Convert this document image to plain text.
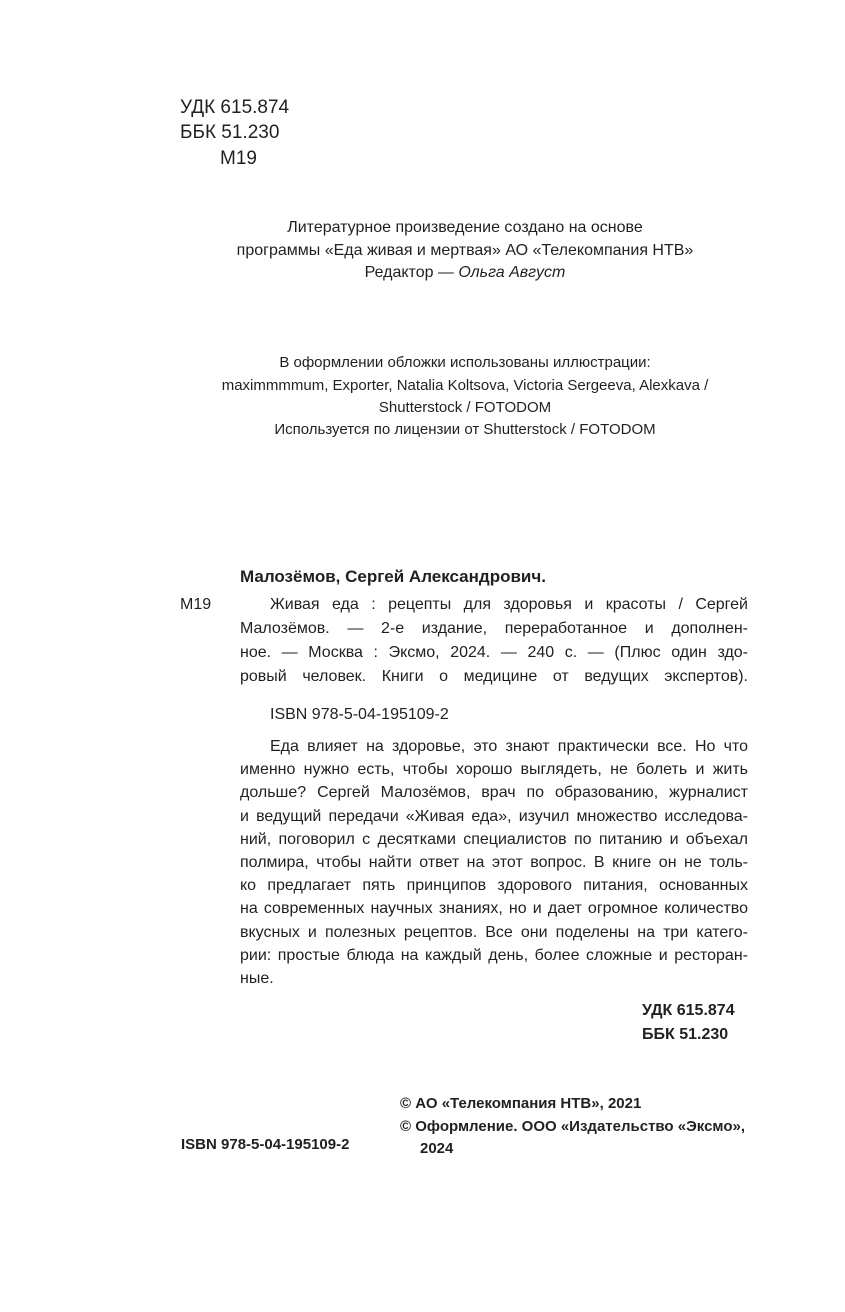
УДК 615.874
ББК 51.230
М19
Литературное произведение создано на основе
программы «Еда живая и мертвая» АО «Телекомпания НТВ»
Редактор — Ольга Август
В оформлении обложки использованы иллюстрации:
maximmmmum, Exporter, Natalia Koltsova, Victoria Sergeeva, Alexkava /
Shutterstock / FOTODOM
Используется по лицензии от Shutterstock / FOTODOM
Малозёмов, Сергей Александрович.
М19	Живая еда : рецепты для здоровья и красоты / Сергей
Малозёмов. — 2-е издание, переработанное и дополнен-
ное. — Москва : Эксмо, 2024. — 240 с. — (Плюс один здо-
ровый человек. Книги о медицине от ведущих экспертов).
ISBN 978-5-04-195109-2
Еда влияет на здоровье, это знают практически все. Но что
именно нужно есть, чтобы хорошо выглядеть, не болеть и жить
дольше? Сергей Малозёмов, врач по образованию, журналист
и ведущий передачи «Живая еда», изучил множество исследова-
ний, поговорил с десятками специалистов по питанию и объехал
полмира, чтобы найти ответ на этот вопрос. В книге он не толь-
ко предлагает пять принципов здорового питания, основанных
на современных научных знаниях, но и дает огромное количество
вкусных и полезных рецептов. Все они поделены на три катего-
рии: простые блюда на каждый день, более сложные и ресторан-
ные.
УДК 615.874
ББК 51.230
© АО «Телекомпания НТВ», 2021
© Оформление. ООО «Издательство «Эксмо»,
2024
ISBN 978-5-04-195109-2
